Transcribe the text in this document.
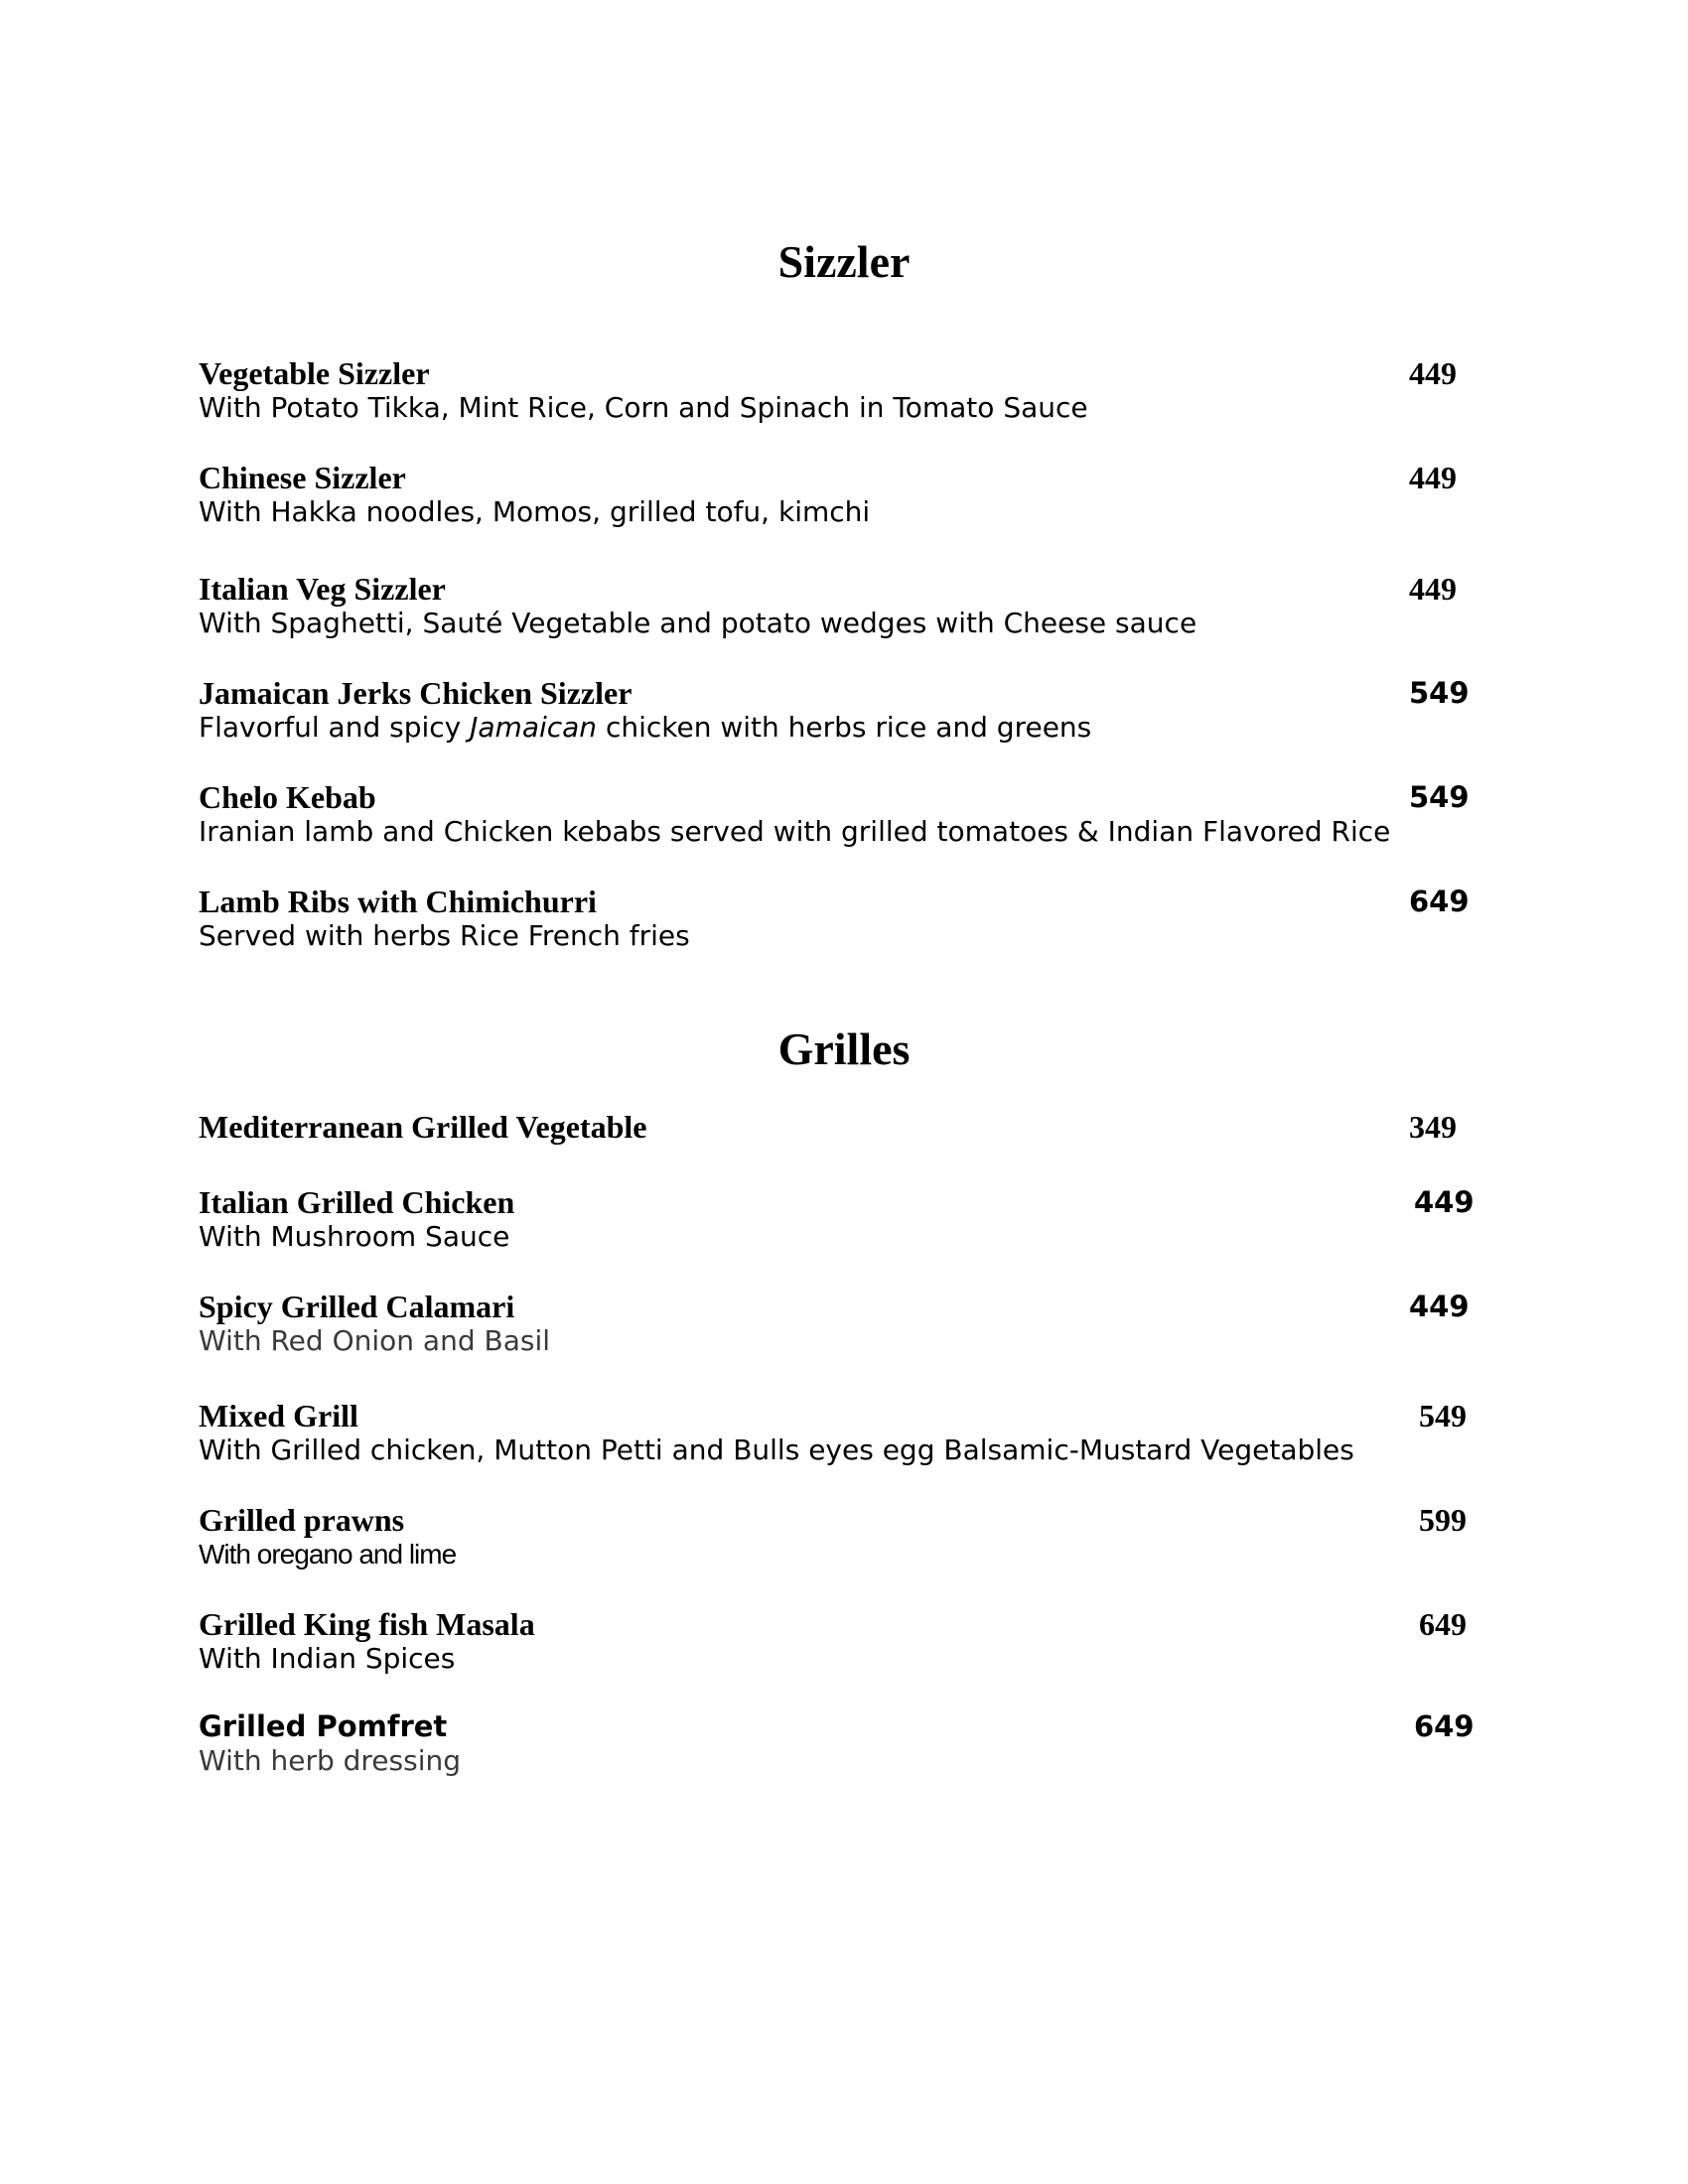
Sizzler
Vegetable Sizzler
With Potato Tikka, Mint Rice, Corn and Spinach in Tomato Sauce
449
Chinese Sizzler
With Hakka noodles, Momos, grilled tofu, kimchi
449
Italian Veg Sizzler
With Spaghetti, Sauté Vegetable and potato wedges with Cheese sauce
449
Jamaican Jerks Chicken Sizzler
Flavorful and spicy Jamaican chicken with herbs rice and greens
549
Chelo Kebab
Iranian lamb and Chicken kebabs served with grilled tomatoes & Indian Flavored Rice
549
Lamb Ribs with Chimichurri
Served with herbs Rice French fries
649
Grilles
Mediterranean Grilled Vegetable	349
Italian Grilled Chicken
With Mushroom Sauce
449
Spicy Grilled Calamari
With Red Onion and Basil
449
Mixed Grill
With Grilled chicken, Mutton Petti and Bulls eyes egg Balsamic-Mustard Vegetables
549
Grilled prawns
With oregano and lime
599
Grilled King fish Masala
With Indian Spices
649
Grilled Pomfret
With herb dressing
649
